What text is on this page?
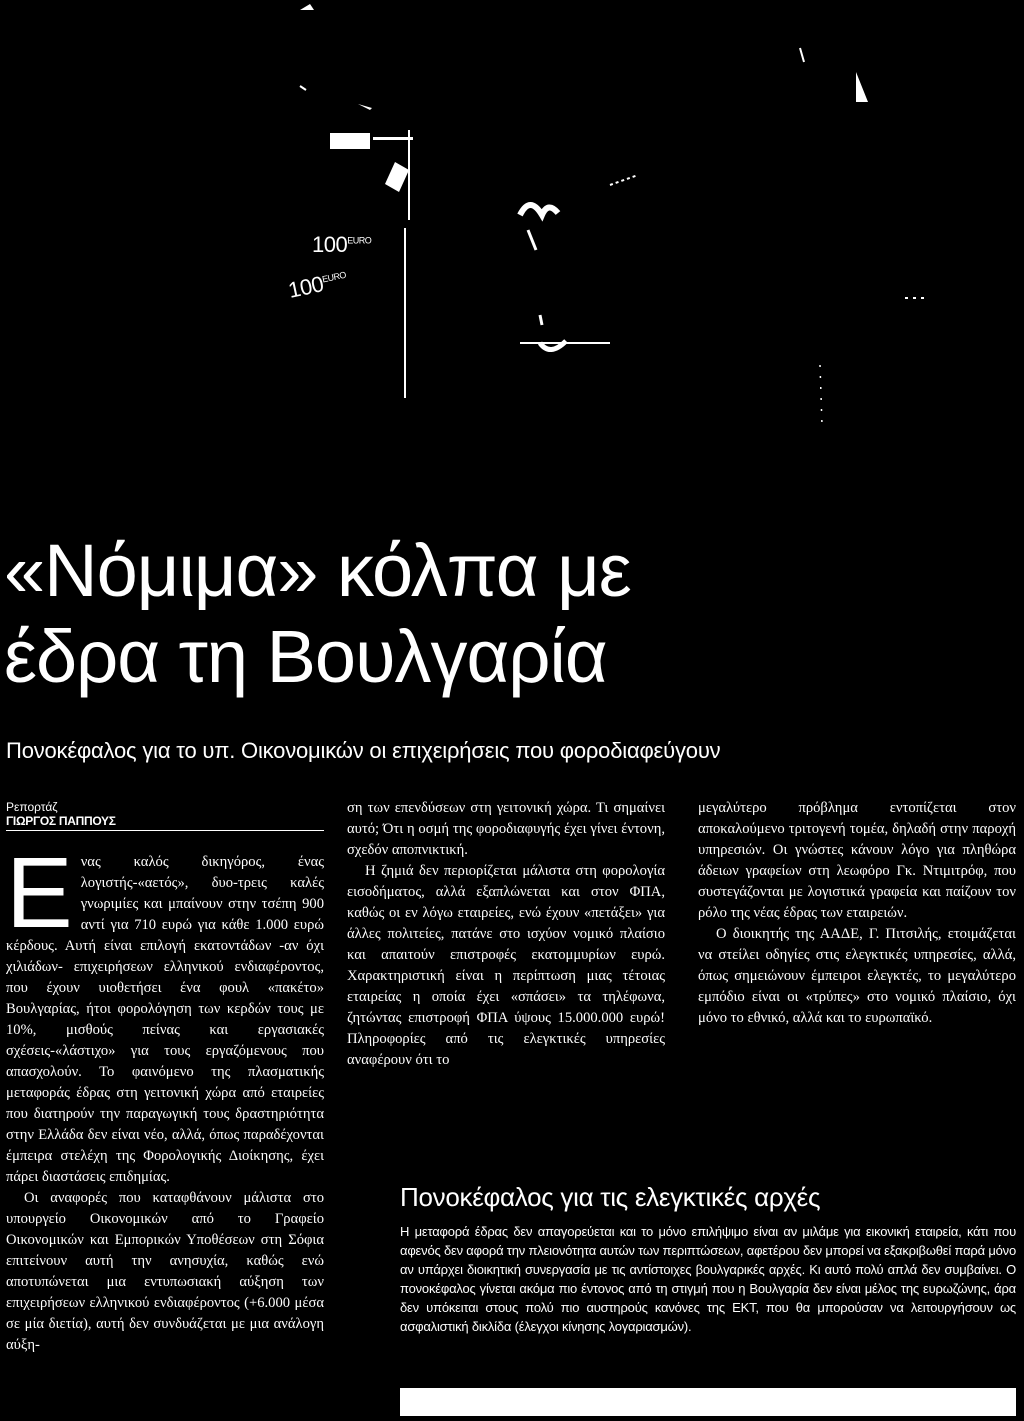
$100^{EURO}$
$100^{EURO}$
«Νόμιμα» κόλπα με
έδρα τη Βουλγαρία
Πονοκέφαλος για το υπ. Οικονομικών οι επιχειρήσεις που φοροδιαφεύγουν
Ρεπορτάζ
ΓΙΩΡΓΟΣ ΠΑΠΠΟΥΣ

Ενας καλός δικηγόρος, ένας λογιστής-«αετός», δυο-τρεις καλές γνωριμίες και μπαίνουν στην τσέπη 900 αντί για 710 ευρώ για κάθε 1.000 ευρώ κέρδους. Αυτή είναι επιλογή εκατοντάδων -αν όχι χιλιάδων- επιχειρήσεων ελληνικού ενδιαφέροντος, που έχουν υιοθετήσει ένα φουλ «πακέτο» Βουλγαρίας, ήτοι φορολόγηση των κερδών τους με 10%, μισθούς πείνας και εργασιακές σχέσεις-«λάστιχο» για τους εργαζόμενους που απασχολούν. Το φαινόμενο της πλασματικής μεταφοράς έδρας στη γειτονική χώρα από εταιρείες που διατηρούν την παραγωγική τους δραστηριότητα στην Ελλάδα δεν είναι νέο, αλλά, όπως παραδέχονται έμπειρα στελέχη της Φορολογικής Διοίκησης, έχει πάρει διαστάσεις επιδημίας.

Οι αναφορές που καταφθάνουν μάλιστα στο υπουργείο Οικονομικών από το Γραφείο Οικονομικών και Εμπορικών Υποθέσεων στη Σόφια επιτείνουν αυτή την ανησυχία, καθώς ενώ αποτυπώνεται μια εντυπωσιακή αύξηση των επιχειρήσεων ελληνικού ενδιαφέροντος (+6.000 μέσα σε μία διετία), αυτή δεν συνδυάζεται με μια ανάλογη αύξη-

ση των επενδύσεων στη γειτονική χώρα. Τι σημαίνει αυτό; Ότι η οσμή της φοροδιαφυγής έχει γίνει έντονη, σχεδόν αποπνικτική.

Η ζημιά δεν περιορίζεται μάλιστα στη φορολογία εισοδήματος, αλλά εξαπλώνεται και στον ΦΠΑ, καθώς οι εν λόγω εταιρείες, ενώ έχουν «πετάξει» για άλλες πολιτείες, πατάνε στο ισχύον νομικό πλαίσιο και απαιτούν επιστροφές εκατομμυρίων ευρώ. Χαρακτηριστική είναι η περίπτωση μιας τέτοιας εταιρείας η οποία έχει «σπάσει» τα τηλέφωνα, ζητώντας επιστροφή ΦΠΑ ύψους 15.000.000 ευρώ! Πληροφορίες από τις ελεγκτικές υπηρεσίες αναφέρουν ότι το

μεγαλύτερο πρόβλημα εντοπίζεται στον αποκαλούμενο τριτογενή τομέα, δηλαδή στην παροχή υπηρεσιών. Οι γνώστες κάνουν λόγο για πληθώρα άδειων γραφείων στη λεωφόρο Γκ. Ντιμιτρόφ, που συστεγάζονται με λογιστικά γραφεία και παίζουν τον ρόλο της νέας έδρας των εταιρειών.

Ο διοικητής της ΑΑΔΕ, Γ. Πιτσιλής, ετοιμάζεται να στείλει οδηγίες στις ελεγκτικές υπηρεσίες, αλλά, όπως σημειώνουν έμπειροι ελεγκτές, το μεγαλύτερο εμπόδιο είναι οι «τρύπες» στο νομικό πλαίσιο, όχι μόνο το εθνικό, αλλά και το ευρωπαϊκό.

Πονοκέφαλος για τις ελεγκτικές αρχές
Η μεταφορά έδρας δεν απαγορεύεται και το μόνο επιλήψιμο είναι αν μιλάμε για εικονική εταιρεία, κάτι που αφενός δεν αφορά την πλειονότητα αυτών των περιπτώσεων, αφετέρου δεν μπορεί να εξακριβωθεί παρά μόνο αν υπάρχει διοικητική συνεργασία με τις αντίστοιχες βουλγαρικές αρχές. Κι αυτό πολύ απλά δεν συμβαίνει. Ο πονοκέφαλος γίνεται ακόμα πιο έντονος από τη στιγμή που η Βουλγαρία δεν είναι μέλος της ευρωζώνης, άρα δεν υπόκειται στους πολύ πιο αυστηρούς κανόνες της ΕΚΤ, που θα μπορούσαν να λειτουργήσουν ως ασφαλιστική δικλίδα (έλεγχοι κίνησης λογαριασμών).
